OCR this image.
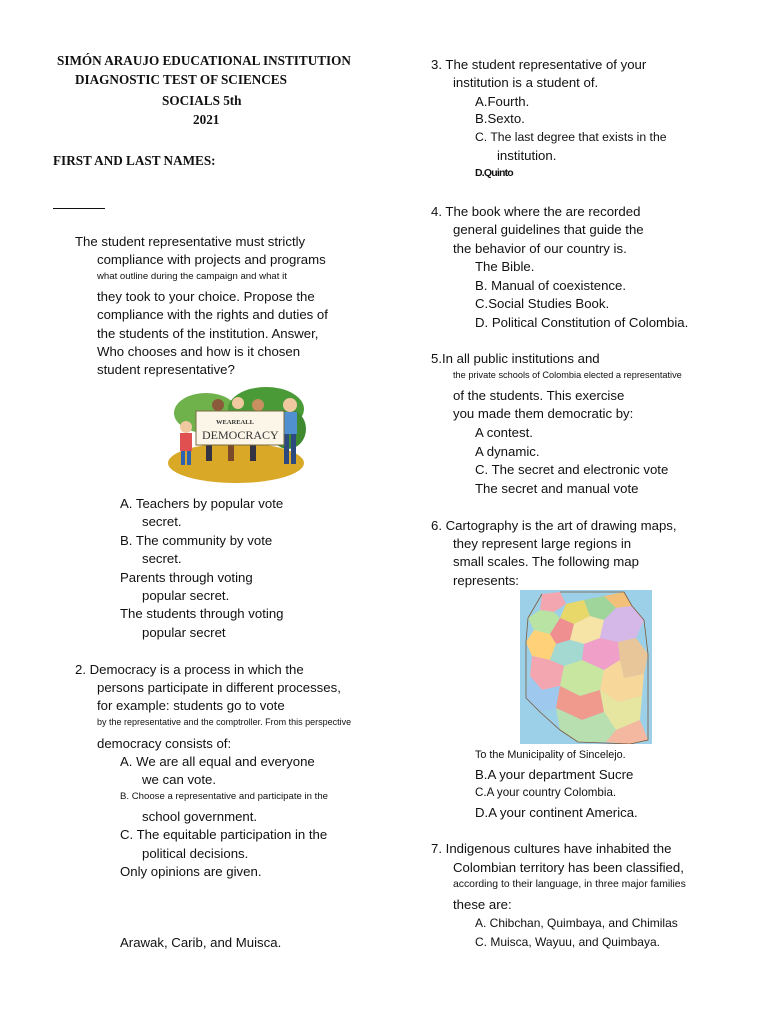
SIMÓN ARAUJO EDUCATIONAL INSTITUTION

DIAGNOSTIC TEST OF SCIENCES

SOCIALS 5th

2021

FIRST AND LAST NAMES:

The student representative must strictly

compliance with projects and programs

what outline during the campaign and what it

they took to your choice. Propose the

compliance with the rights and duties of

the students of the institution. Answer,

Who chooses and how is it chosen

student representative?

WEAREALL

DEMOCRACY

A. Teachers by popular vote

secret.

B. The community by vote

secret.

Parents through voting

popular secret.

The students through voting

popular secret

2. Democracy is a process in which the

persons participate in different processes,

for example: students go to vote

by the representative and the comptroller. From this perspective

democracy consists of:

A. We are all equal and everyone

we can vote.

B. Choose a representative and participate in the

school government.

C. The equitable participation in the

political decisions.

Only opinions are given.

Arawak, Carib, and Muisca.

3. The student representative of your

institution is a student of.

A.Fourth.

B.Sexto.

C. The last degree that exists in the

institution.

D.Quinto

4. The book where the are recorded

general guidelines that guide the

the behavior of our country is.

The Bible.

B. Manual of coexistence.

C.Social Studies Book.

D. Political Constitution of Colombia.

5.In all public institutions and

the private schools of Colombia elected a representative

of the students. This exercise

you made them democratic by:

A contest.

A dynamic.

C. The secret and electronic vote

The secret and manual vote

6. Cartography is the art of drawing maps,

they represent large regions in

small scales. The following map

represents:

To the Municipality of Sincelejo.

B.A your department Sucre

C.A your country Colombia.

D.A your continent America.

7. Indigenous cultures have inhabited the

Colombian territory has been classified,

according to their language, in three major families

these are:

A. Chibchan, Quimbaya, and Chimilas

C. Muisca, Wayuu, and Quimbaya.
